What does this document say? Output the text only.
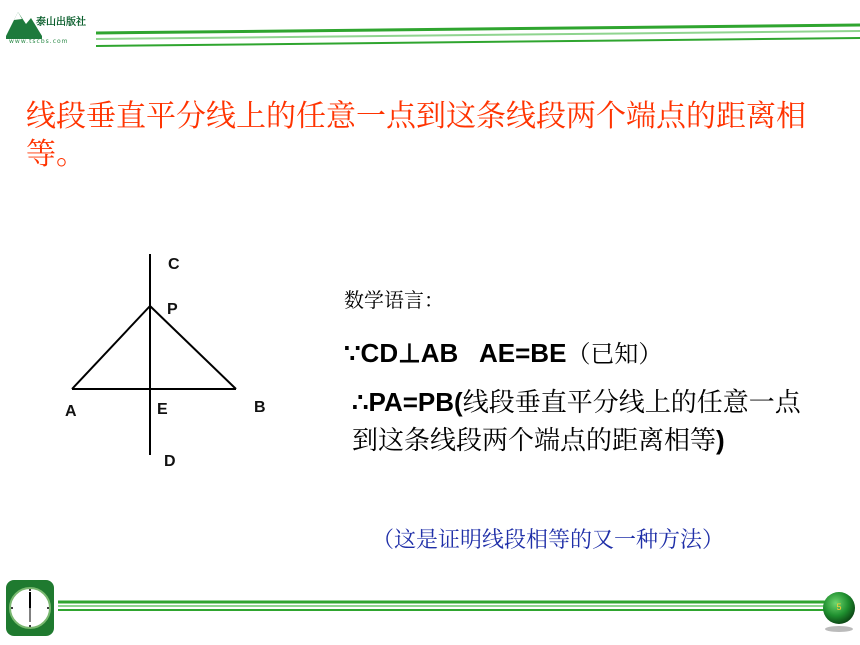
泰山出版社
www.tscbs.com
线段垂直平分线上的任意一点到这条线段两个端点的距离相等。
C
P
A	E	B
D
数学语言：
∵CD⊥AB   AE=BE（已知）
∴PA=PB(线段垂直平分线上的任意一点到这条线段两个端点的距离相等)
（这是证明线段相等的又一种方法）
5
